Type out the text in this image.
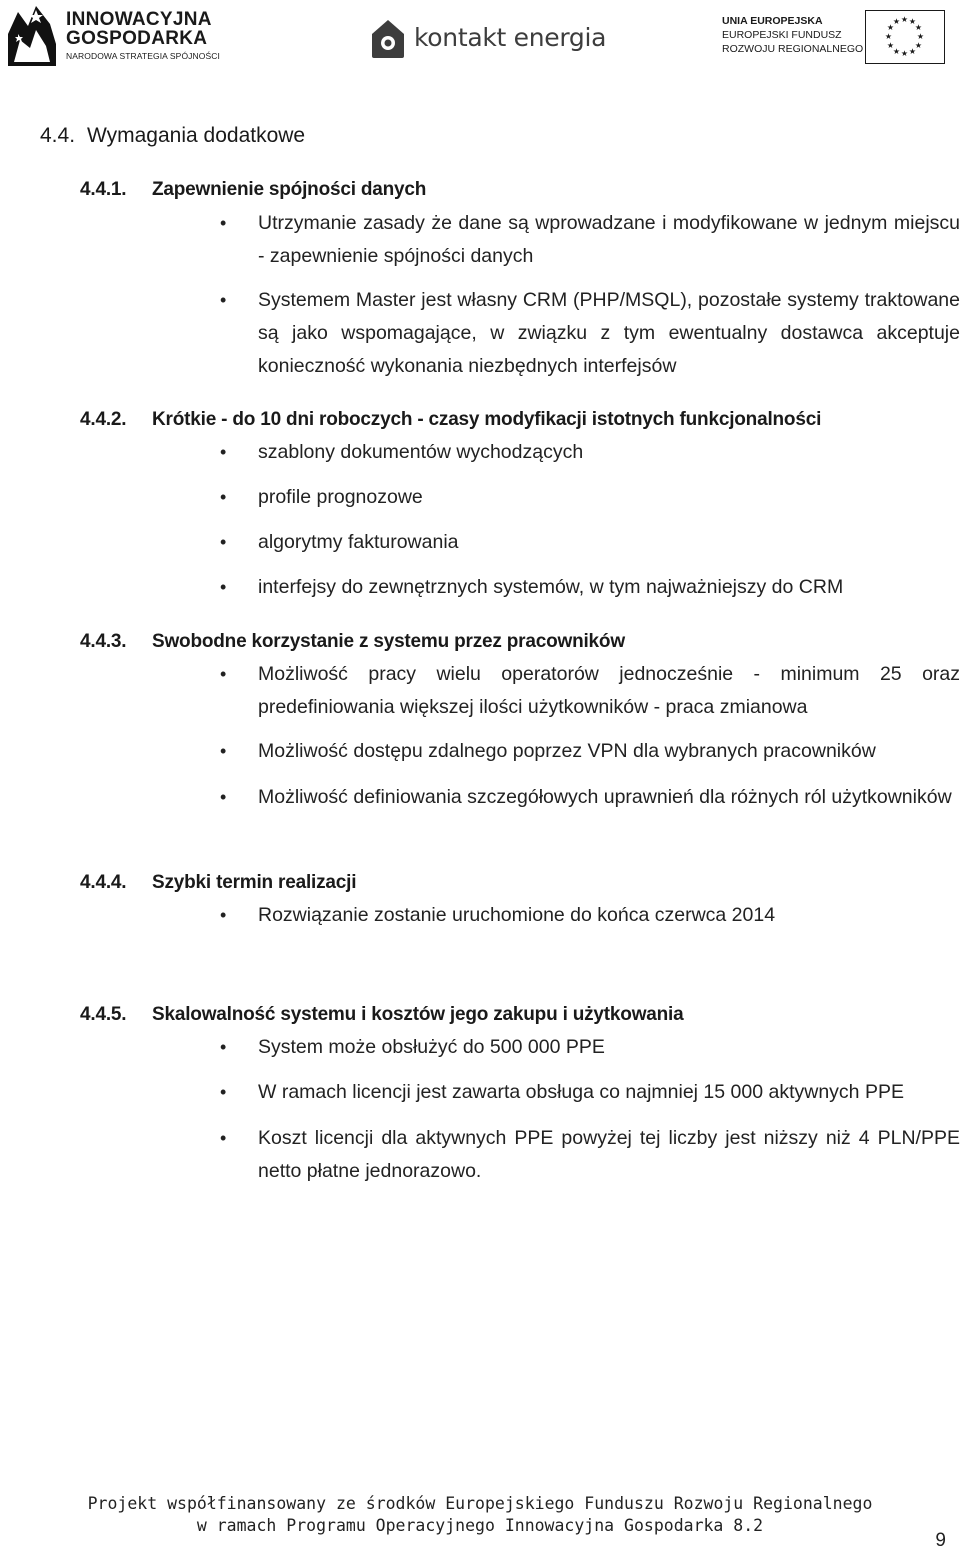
INNOWACYJNA
GOSPODARKA
NARODOWA STRATEGIA SPÓJNOŚCI
kontakt energia
UNIA EUROPEJSKA
EUROPEJSKI FUNDUSZ
ROZWOJU REGIONALNEGO
★ ★
★
★
★
★
★
★
★
★
★
★
4.4. Wymagania dodatkowe
4.4.1. Zapewnienie spójności danych
•	Utrzymanie zasady że dane są wprowadzane i modyfikowane w jednym miejscu - zapewnienie spójności danych
•	Systemem Master jest własny CRM (PHP/MSQL), pozostałe systemy traktowane są jako wspomagające, w związku z tym ewentualny dostawca akceptuje konieczność wykonania niezbędnych interfejsów
4.4.2. Krótkie - do 10 dni roboczych - czasy modyfikacji istotnych funkcjonalności
•	szablony dokumentów wychodzących
•	profile prognozowe
•	algorytmy fakturowania
•	interfejsy do zewnętrznych systemów, w tym najważniejszy do CRM
4.4.3. Swobodne korzystanie z systemu przez pracowników
•	Możliwość pracy wielu operatorów jednocześnie - minimum 25 oraz predefiniowania większej ilości użytkowników - praca zmianowa
•	Możliwość dostępu zdalnego poprzez VPN dla wybranych pracowników
•	Możliwość definiowania szczegółowych uprawnień dla różnych ról użytkowników
4.4.4. Szybki termin realizacji
•	Rozwiązanie zostanie uruchomione do końca czerwca 2014
4.4.5. Skalowalność systemu i kosztów jego zakupu i użytkowania
•	System może obsłużyć do 500 000 PPE
•	W ramach licencji jest zawarta obsługa co najmniej 15 000 aktywnych PPE
•	Koszt licencji dla aktywnych PPE powyżej tej liczby jest niższy niż 4 PLN/PPE netto płatne jednorazowo.
Projekt współfinansowany ze środków Europejskiego Funduszu Rozwoju Regionalnego
w ramach Programu Operacyjnego Innowacyjna Gospodarka 8.2
9
